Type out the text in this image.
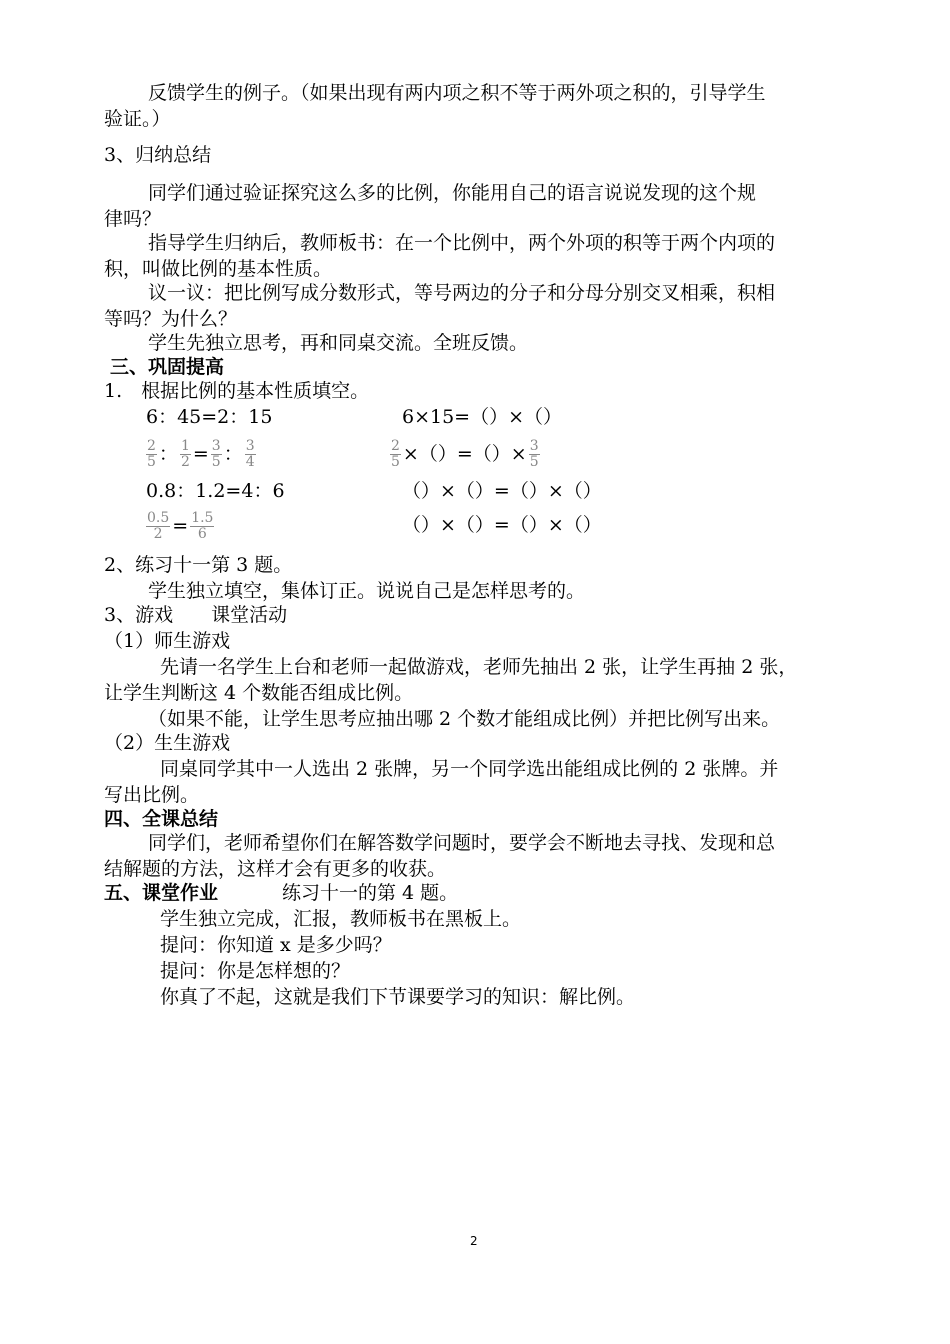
反馈学生的例子。（如果出现有两内项之积不等于两外项之积的，引导学生
验证。）
3、归纳总结
同学们通过验证探究这么多的比例，你能用自己的语言说说发现的这个规
律吗？
指导学生归纳后，教师板书：在一个比例中，两个外项的积等于两个内项的
积，叫做比例的基本性质。
议一议：把比例写成分数形式，等号两边的分子和分母分别交叉相乘，积相
等吗？为什么？
学生先独立思考，再和同桌交流。全班反馈。
三、巩固提高
1.　根据比例的基本性质填空。
6：45=2：15	6×15=（）×（）
$\frac{2}{5}$ ： $\frac{1}{2} = \frac{3}{5}$ ： $\frac{3}{4}$	$\frac{2}{5}$ ×（）=（）× $\frac{3}{5}$
0.8：1.2=4：6	（）×（）=（）×（）
$\frac{0.5}{2} = \frac{1.5}{6}$	（）×（）=（）×（）
2、练习十一第 3 题。
学生独立填空，集体订正。说说自己是怎样思考的。
3、游戏　　课堂活动
（1）师生游戏
先请一名学生上台和老师一起做游戏，老师先抽出 2 张，让学生再抽 2 张，
让学生判断这 4 个数能否组成比例。
（如果不能，让学生思考应抽出哪 2 个数才能组成比例）并把比例写出来。
（2）生生游戏
同桌同学其中一人选出 2 张牌，另一个同学选出能组成比例的 2 张牌。并
写出比例。
四、全课总结
同学们，老师希望你们在解答数学问题时，要学会不断地去寻找、发现和总
结解题的方法，这样才会有更多的收获。
五、课堂作业	练习十一的第 4 题。
学生独立完成，汇报，教师板书在黑板上。
提问：你知道 x 是多少吗？
提问：你是怎样想的？
你真了不起，这就是我们下节课要学习的知识：解比例。
2
